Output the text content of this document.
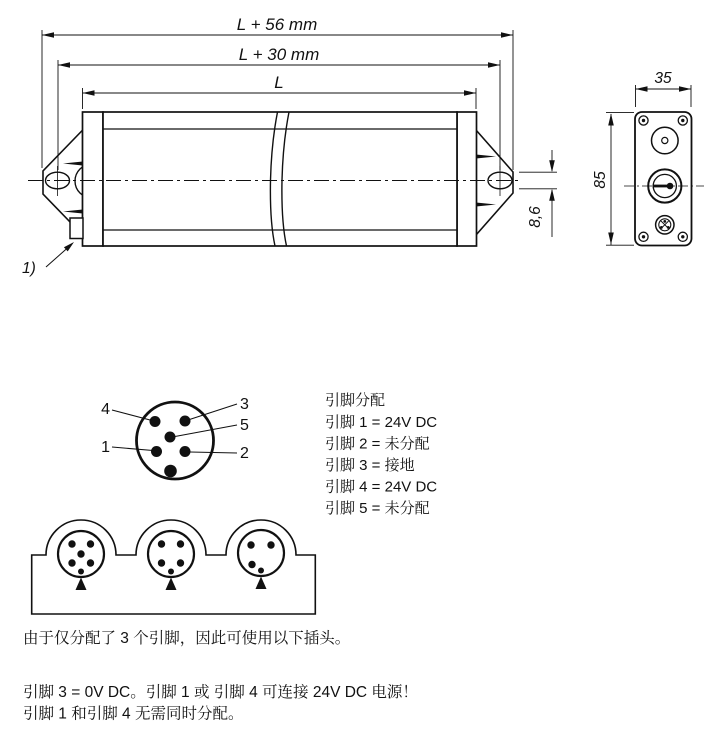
L + 56 mm
L + 30 mm
L
8,6
1)
35
85
4	3
5
1	2
引脚分配
引脚 1 = 24V DC
引脚 2 = 未分配
引脚 3 = 接地
引脚 4 = 24V DC
引脚 5 = 未分配
由于仅分配了 3 个引脚，因此可使用以下插头。
引脚 3 = 0V DC。引脚 1 或 引脚 4 可连接 24V DC 电源！
引脚 1 和引脚 4 无需同时分配。
